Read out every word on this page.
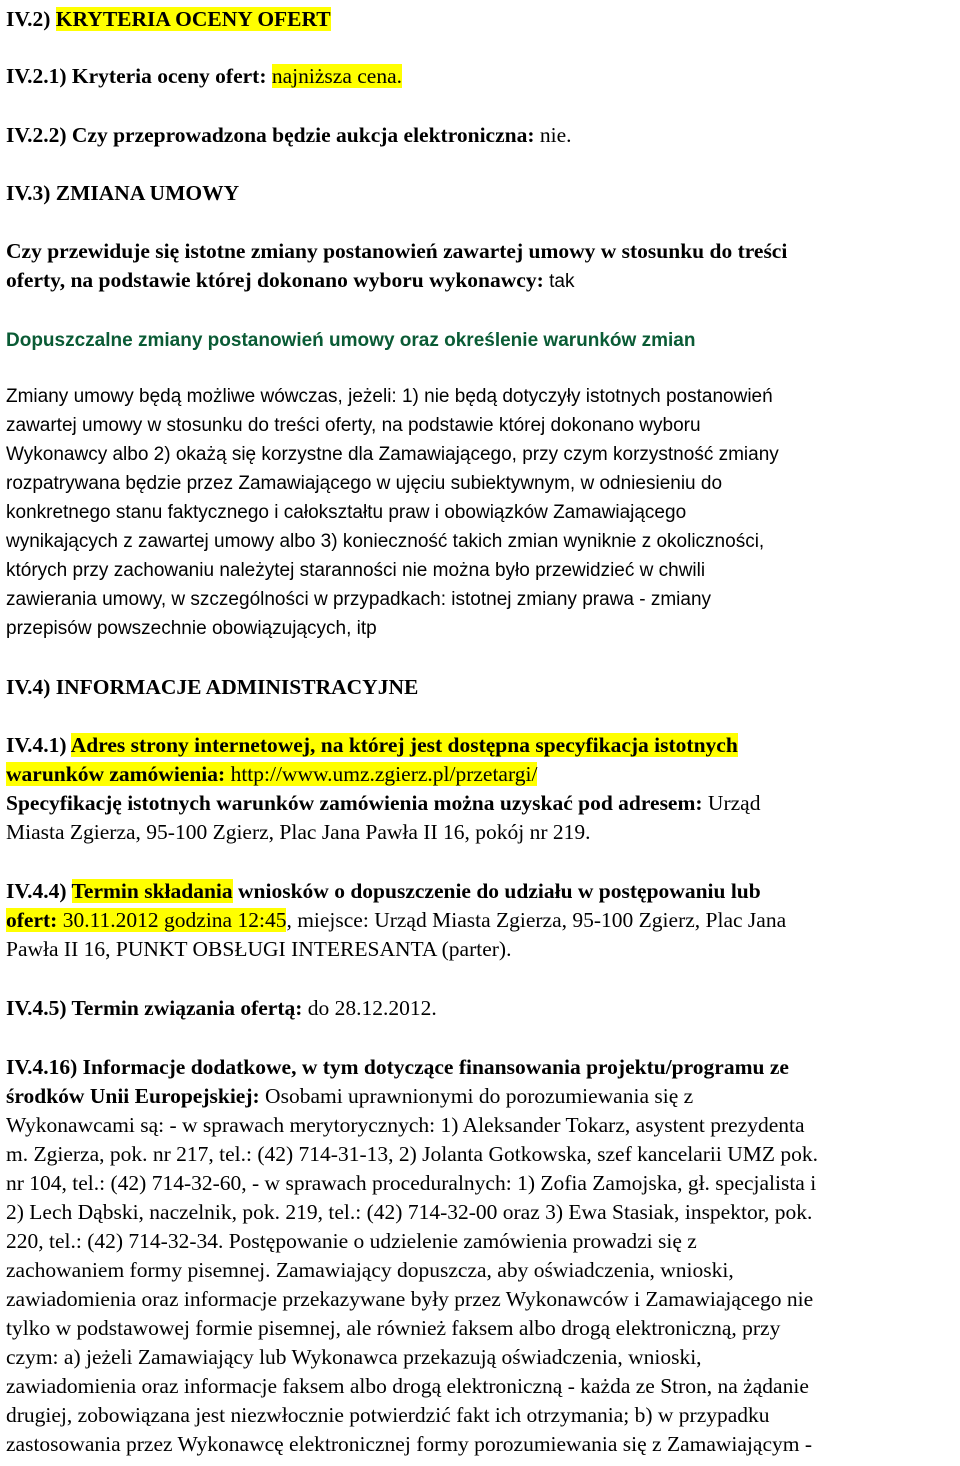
IV.2) KRYTERIA OCENY OFERT
IV.2.1) Kryteria oceny ofert: najniższa cena.
IV.2.2) Czy przeprowadzona będzie aukcja elektroniczna: nie.
IV.3) ZMIANA UMOWY
Czy przewiduje się istotne zmiany postanowień zawartej umowy w stosunku do treści
oferty, na podstawie której dokonano wyboru wykonawcy: tak
Dopuszczalne zmiany postanowień umowy oraz określenie warunków zmian
Zmiany umowy będą możliwe wówczas, jeżeli: 1) nie będą dotyczyły istotnych postanowień
zawartej umowy w stosunku do treści oferty, na podstawie której dokonano wyboru
Wykonawcy albo 2) okażą się korzystne dla Zamawiającego, przy czym korzystność zmiany
rozpatrywana będzie przez Zamawiającego w ujęciu subiektywnym, w odniesieniu do
konkretnego stanu faktycznego i całokształtu praw i obowiązków Zamawiającego
wynikających z zawartej umowy albo 3) konieczność takich zmian wyniknie z okoliczności,
których przy zachowaniu należytej staranności nie można było przewidzieć w chwili
zawierania umowy, w szczególności w przypadkach: istotnej zmiany prawa - zmiany
przepisów powszechnie obowiązujących, itp
IV.4) INFORMACJE ADMINISTRACYJNE
IV.4.1) Adres strony internetowej, na której jest dostępna specyfikacja istotnych
warunków zamówienia: http://www.umz.zgierz.pl/przetargi/
Specyfikację istotnych warunków zamówienia można uzyskać pod adresem: Urząd
Miasta Zgierza, 95-100 Zgierz, Plac Jana Pawła II 16, pokój nr 219.
IV.4.4) Termin składania wniosków o dopuszczenie do udziału w postępowaniu lub
ofert: 30.11.2012 godzina 12:45, miejsce: Urząd Miasta Zgierza, 95-100 Zgierz, Plac Jana
Pawła II 16, PUNKT OBSŁUGI INTERESANTA (parter).
IV.4.5) Termin związania ofertą: do 28.12.2012.
IV.4.16) Informacje dodatkowe, w tym dotyczące finansowania projektu/programu ze
środków Unii Europejskiej: Osobami uprawnionymi do porozumiewania się z
Wykonawcami są: - w sprawach merytorycznych: 1) Aleksander Tokarz, asystent prezydenta
m. Zgierza, pok. nr 217, tel.: (42) 714-31-13, 2) Jolanta Gotkowska, szef kancelarii UMZ pok.
nr 104, tel.: (42) 714-32-60, - w sprawach proceduralnych: 1) Zofia Zamojska, gł. specjalista i
2) Lech Dąbski, naczelnik, pok. 219, tel.: (42) 714-32-00 oraz 3) Ewa Stasiak, inspektor, pok.
220, tel.: (42) 714-32-34. Postępowanie o udzielenie zamówienia prowadzi się z
zachowaniem formy pisemnej. Zamawiający dopuszcza, aby oświadczenia, wnioski,
zawiadomienia oraz informacje przekazywane były przez Wykonawców i Zamawiającego nie
tylko w podstawowej formie pisemnej, ale również faksem albo drogą elektroniczną, przy
czym: a) jeżeli Zamawiający lub Wykonawca przekazują oświadczenia, wnioski,
zawiadomienia oraz informacje faksem albo drogą elektroniczną - każda ze Stron, na żądanie
drugiej, zobowiązana jest niezwłocznie potwierdzić fakt ich otrzymania; b) w przypadku
zastosowania przez Wykonawcę elektronicznej formy porozumiewania się z Zamawiającym -
